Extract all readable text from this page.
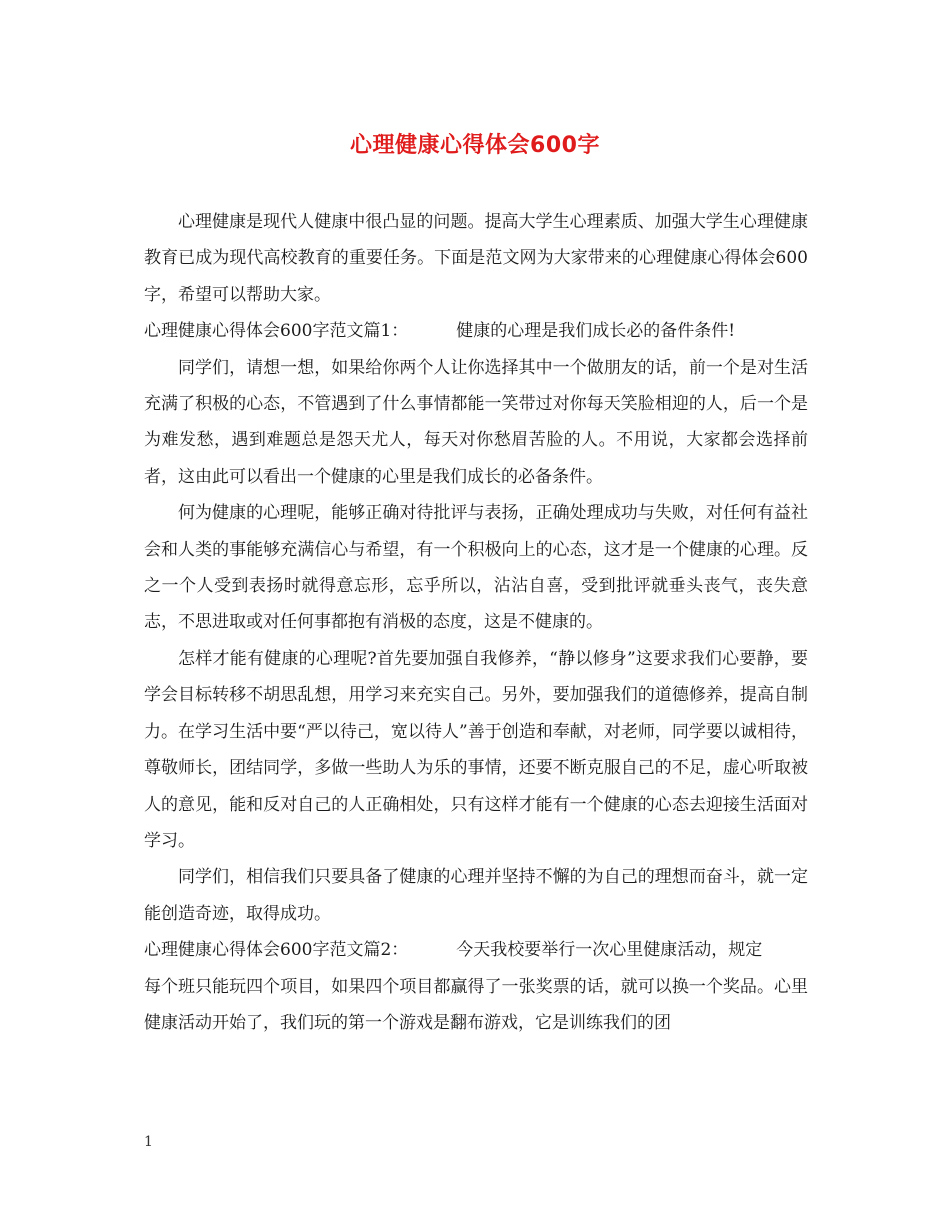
心理健康心得体会600字

心理健康是现代人健康中很凸显的问题。提高大学生心理素质、加强大学生心理健康教育已成为现代高校教育的重要任务。下面是范文网为大家带来的心理健康心得体会600字，希望可以帮助大家。

心理健康心得体会600字范文篇1：	健康的心理是我们成长必的备件条件!

同学们，请想一想，如果给你两个人让你选择其中一个做朋友的话，前一个是对生活充满了积极的心态，不管遇到了什么事情都能一笑带过对你每天笑脸相迎的人，后一个是为难发愁，遇到难题总是怨天尤人，每天对你愁眉苦脸的人。不用说，大家都会选择前者，这由此可以看出一个健康的心里是我们成长的必备条件。

何为健康的心理呢，能够正确对待批评与表扬，正确处理成功与失败，对任何有益社会和人类的事能够充满信心与希望，有一个积极向上的心态，这才是一个健康的心理。反之一个人受到表扬时就得意忘形，忘乎所以，沾沾自喜，受到批评就垂头丧气，丧失意志，不思进取或对任何事都抱有消极的态度，这是不健康的。

怎样才能有健康的心理呢?首先要加强自我修养，“静以修身”这要求我们心要静，要学会目标转移不胡思乱想，用学习来充实自己。另外，要加强我们的道德修养，提高自制力。在学习生活中要“严以待己，宽以待人”善于创造和奉献，对老师，同学要以诚相待，尊敬师长，团结同学，多做一些助人为乐的事情，还要不断克服自己的不足，虚心听取被人的意见，能和反对自己的人正确相处，只有这样才能有一个健康的心态去迎接生活面对学习。

同学们，相信我们只要具备了健康的心理并坚持不懈的为自己的理想而奋斗，就一定能创造奇迹，取得成功。

心理健康心得体会600字范文篇2：	今天我校要举行一次心里健康活动，规定

每个班只能玩四个项目，如果四个项目都赢得了一张奖票的话，就可以换一个奖品。心里健康活动开始了，我们玩的第一个游戏是翻布游戏，它是训练我们的团

1
